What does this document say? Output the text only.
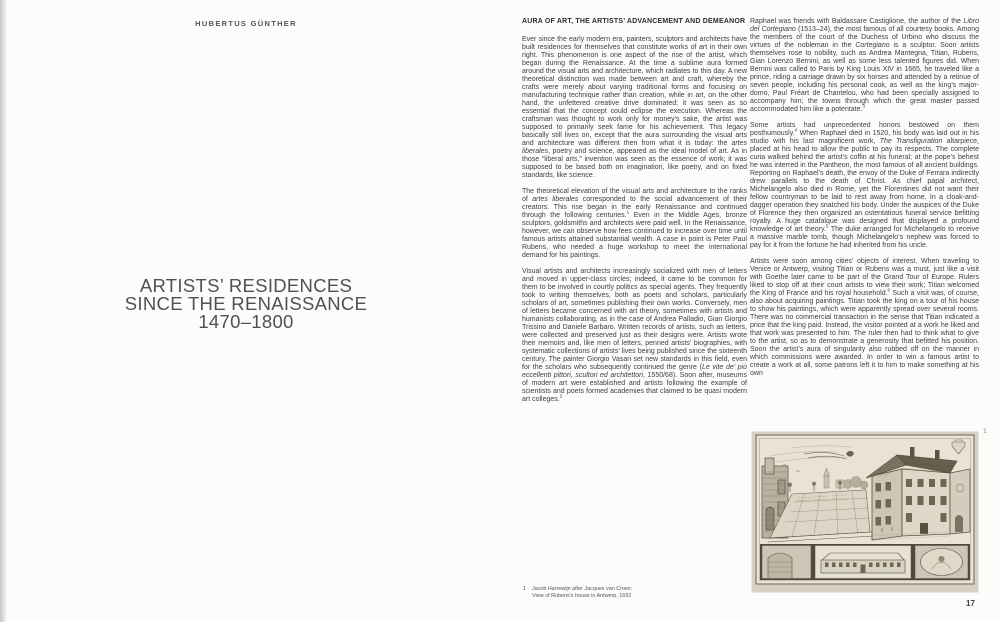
HUBERTUS GÜNTHER
ARTISTS’ RESIDENCES
SINCE THE RENAISSANCE
1470–1800
AURA OF ART, THE ARTISTS’ ADVANCEMENT AND DEMEANOR

Ever since the early modern era, painters, sculptors and architects have built residences for themselves that constitute works of art in their own right. This phenomenon is one aspect of the rise of the artist, which began during the Renaissance. At the time a sublime aura formed around the visual arts and architecture, which radiates to this day. A new theoretical distinction was made between art and craft, whereby the crafts were merely about varying traditional forms and focusing on manufacturing technique rather than creation, while in art, on the other hand, the unfettered creative drive dominated; it was seen as so essential that the concept could eclipse the execution. Whereas the craftsman was thought to work only for money’s sake, the artist was supposed to primarily seek fame for his achievement. This legacy basically still lives on, except that the aura surrounding the visual arts and architecture was different then from what it is today: the artes liberales, poetry and science, appeared as the ideal model of art. As in those “liberal arts,” invention was seen as the essence of work; it was supposed to be based both on imagination, like poetry, and on fixed standards, like science.

The theoretical elevation of the visual arts and architecture to the ranks of artes liberales corresponded to the social advancement of their creators. This rise began in the early Renaissance and continued through the following centuries.$^1$ Even in the Middle Ages, bronze sculptors, goldsmiths and architects were paid well. In the Renaissance, however, we can observe how fees continued to increase over time until famous artists attained substantial wealth. A case in point is Peter Paul Rubens, who needed a huge workshop to meet the international demand for his paintings.

Visual artists and architects increasingly socialized with men of letters and moved in upper-class circles; indeed, it came to be common for them to be involved in courtly politics as special agents. They frequently took to writing themselves, both as poets and scholars, particularly scholars of art, sometimes publishing their own works. Conversely, men of letters became concerned with art theory, sometimes with artists and humanists collaborating, as in the case of Andrea Palladio, Gian Giorgio Trissino and Daniele Barbaro. Written records of artists, such as letters, were collected and preserved just as their designs were. Artists wrote their memoirs and, like men of letters, penned artists’ biographies, with systematic collections of artists’ lives being published since the sixteenth century. The painter Giorgio Vasari set new standards in this field, even for the scholars who subsequently continued the genre (Le vite de’ più eccellenti pittori, scultori ed architettori, 1550/68). Soon after, museums of modern art were established and artists following the example of scientists and poets formed academies that claimed to be quasi modern art colleges.$^2$

Raphael was friends with Baldassare Castiglione, the author of the Libro del Cortegiano (1513–24), the most famous of all courtesy books. Among the members of the court of the Duchess of Urbino who discuss the virtues of the nobleman in the Cortegiano is a sculptor. Soon artists themselves rose to nobility, such as Andrea Mantegna, Titian, Rubens, Gian Lorenzo Bernini, as well as some less talented figures did. When Bernini was called to Paris by King Louis XIV in 1665, he traveled like a prince, riding a carriage drawn by six horses and attended by a retinue of seven people, including his personal cook, as well as the king’s major-domo, Paul Fréart de Chantelou, who had been specially assigned to accompany him; the towns through which the great master passed accommodated him like a potentate.$^3$

Some artists had unprecedented honors bestowed on them posthumously.$^4$ When Raphael died in 1520, his body was laid out in his studio with his last magnificent work, The Transfiguration altarpiece, placed at his head to allow the public to pay its respects. The complete curia walked behind the artist’s coffin at his funeral; at the pope’s behest he was interred in the Pantheon, the most famous of all ancient buildings. Reporting on Raphael’s death, the envoy of the Duke of Ferrara indirectly drew parallels to the death of Christ. As chief papal architect, Michelangelo also died in Rome, yet the Florentines did not want their fellow countryman to be laid to rest away from home. In a cloak-and-dagger operation they snatched his body. Under the auspices of the Duke of Florence they then organized an ostentatious funeral service befitting royalty. A huge catafalque was designed that displayed a profound knowledge of art theory.$^5$ The duke arranged for Michelangelo to receive a massive marble tomb, though Michelangelo’s nephew was forced to pay for it from the fortune he had inherited from his uncle.

Artists were soon among cities’ objects of interest. When traveling to Venice or Antwerp, visiting Titian or Rubens was a must, just like a visit with Goethe later came to be part of the Grand Tour of Europe. Rulers liked to stop off at their court artists to view their work; Titian welcomed the King of France and his royal household.$^6$ Such a visit was, of course, also about acquiring paintings. Titian took the king on a tour of his house to show his paintings, which were apparently spread over several rooms. There was no commercial transaction in the sense that Titian indicated a price that the king paid. Instead, the visitor pointed at a work he liked and that work was presented to him. The ruler then had to think what to give to the artist, so as to demonstrate a generosity that befitted his position. Soon the artist’s aura of singularity also rubbed off on the manner in which commissions were awarded. In order to win a famous artist to create a work at all, some patrons left it to him to make something at his own

1
1 Jacob Harrewijn after Jacques van Croes:
View of Rubens’s house in Antwerp, 1692
17
